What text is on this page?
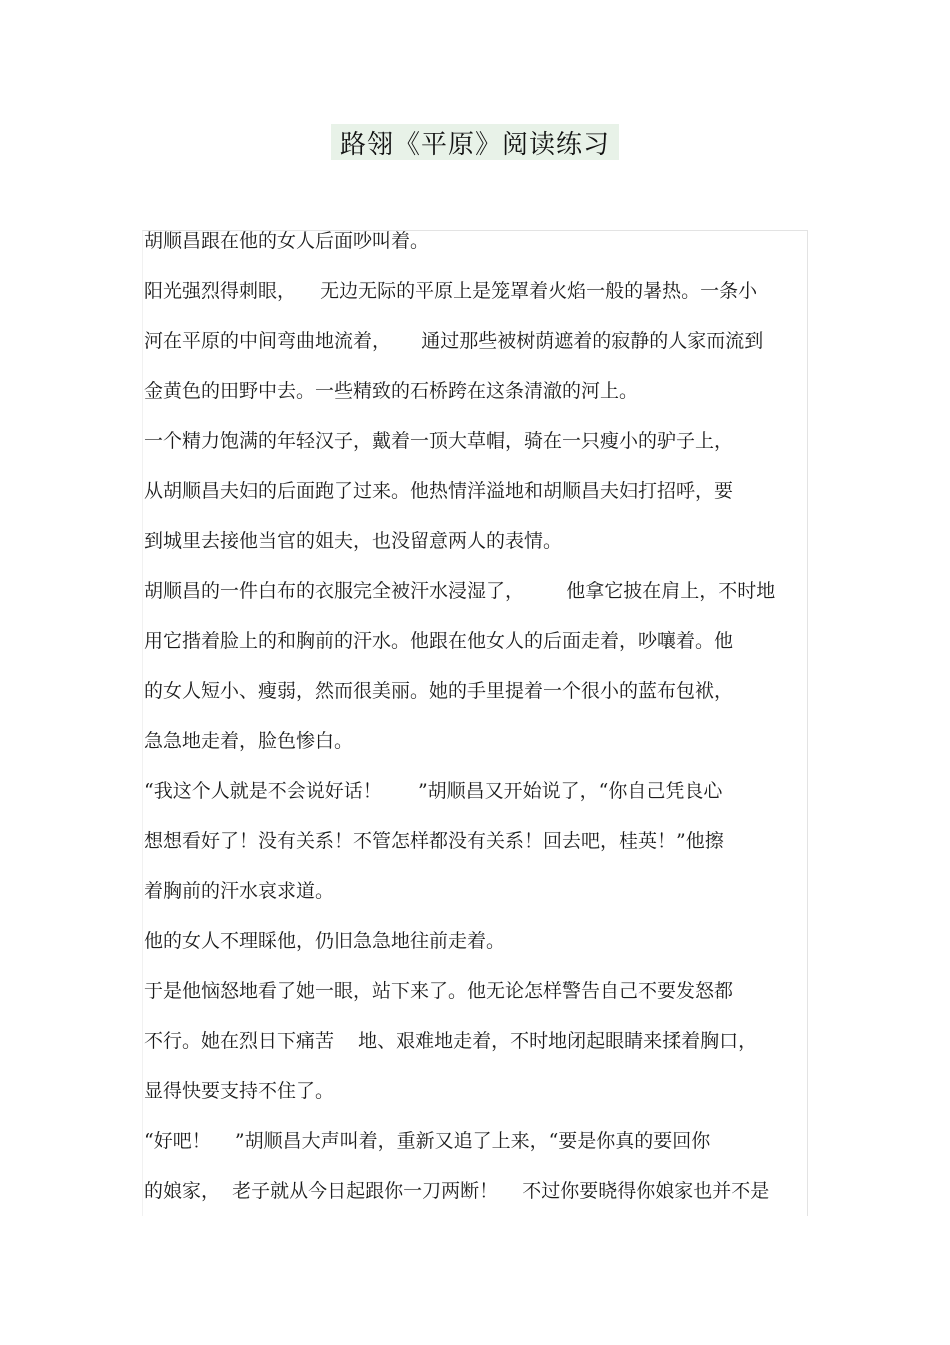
路翎《平原》阅读练习
胡顺昌跟在他的女人后面吵叫着。
阳光强烈得刺眼，    无边无际的平原上是笼罩着火焰一般的暑热。一条小
河在平原的中间弯曲地流着，     通过那些被树荫遮着的寂静的人家而流到
金黄色的田野中去。一些精致的石桥跨在这条清澈的河上。
一个精力饱满的年轻汉子，戴着一顶大草帽，骑在一只瘦小的驴子上，
从胡顺昌夫妇的后面跑了过来。他热情洋溢地和胡顺昌夫妇打招呼，要
到城里去接他当官的姐夫，也没留意两人的表情。
胡顺昌的一件白布的衣服完全被汗水浸湿了，       他拿它披在肩上，不时地
用它揩着脸上的和胸前的汗水。他跟在他女人的后面走着，吵嚷着。他
的女人短小、瘦弱，然而很美丽。她的手里提着一个很小的蓝布包袱，
急急地走着，脸色惨白。
“我这个人就是不会说好话！      ”胡顺昌又开始说了，“你自己凭良心
想想看好了！没有关系！不管怎样都没有关系！回去吧，桂英！”他擦
着胸前的汗水哀求道。
他的女人不理睬他，仍旧急急地往前走着。
于是他恼怒地看了她一眼，站下来了。他无论怎样警告自己不要发怒都
不行。她在烈日下痛苦    地、艰难地走着，不时地闭起眼睛来揉着胸口，
显得快要支持不住了。
“好吧！    ”胡顺昌大声叫着，重新又追了上来，“要是你真的要回你
的娘家，  老子就从今日起跟你一刀两断！    不过你要晓得你娘家也并不是
